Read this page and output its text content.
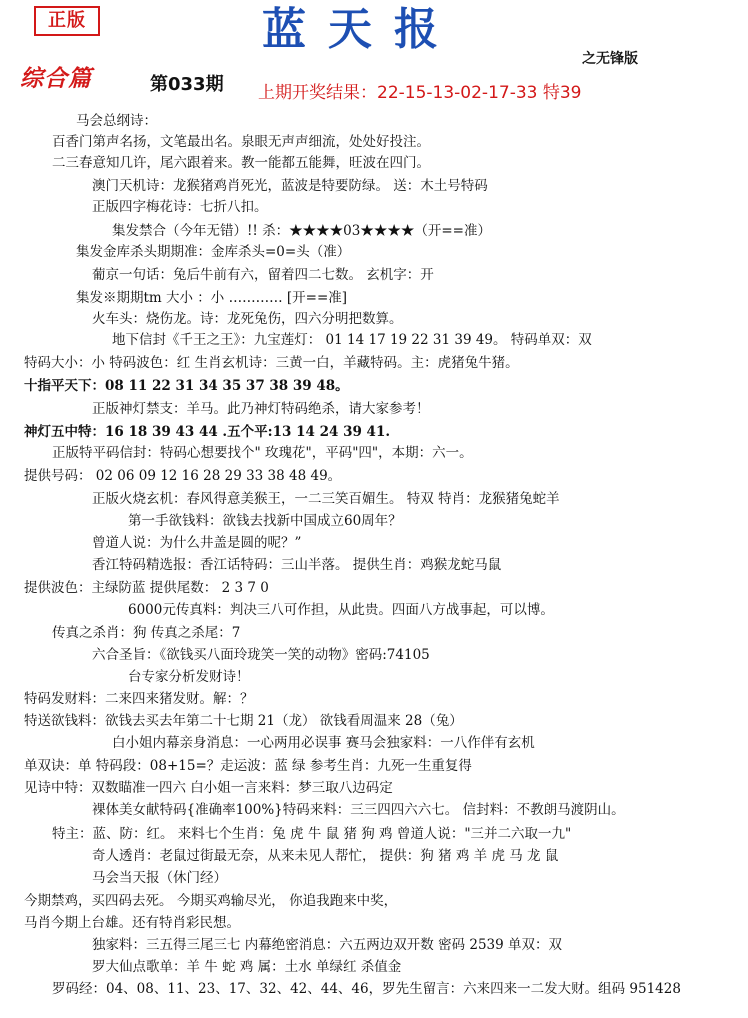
正版	蓝天报
之无锋版
综合篇	第033期 上期开奖结果：22-15-13-02-17-33 特39
马会总纲诗：
百香门第声名扬，文笔最出名。泉眼无声声细流，处处好投注。
二三春意知几许，尾六跟着来。教一能都五能舞，旺波在四门。
澳门天机诗：龙猴猪鸡肖死光，蓝波是特要防绿。 送：木土号特码
正版四字梅花诗：七折八扣。
集发禁合（今年无错）!! 杀：★★★★03★★★★（开==准）
集发金库杀头期期准：金库杀头=0=头（准）
葡京一句话：兔后牛前有六，留着四二七数。 玄机字：开
集发※期期tm 大小 ：小 ………… [开==准]
火车头：烧伤龙。诗：龙死兔伤，四六分明把数算。
地下信封《千王之王》：九宝莲灯： 01 14 17 19 22 31 39 49。 特码单双：双
特码大小：小 特码波色：红 生肖玄机诗：三黄一白，羊藏特码。主：虎猪兔牛猪。
十指平天下：08 11 22 31 34 35 37 38 39 48。
正版神灯禁支：羊马。此乃神灯特码绝杀，请大家参考！
神灯五中特：16 18 39 43 44 .五个平:13 14 24 39 41.
正版特平码信封：特码心想要找个" 玫瑰花"，平码"四"，本期：六一。
提供号码： 02 06 09 12 16 28 29 33 38 48 49。
正版火烧玄机：春风得意美猴王，一二三笑百媚生。 特双 特肖：龙猴猪兔蛇羊
第一手欲钱料：欲钱去找新中国成立60周年？
曾道人说：为什么井盖是圆的呢？”
香江特码精选报：香江话特码：三山半落。 提供生肖：鸡猴龙蛇马鼠
提供波色：主绿防蓝 提供尾数： 2 3 7 0
6000元传真料：判决三八可作担，从此贵。四面八方战事起，可以博。
传真之杀肖：狗 传真之杀尾：7
六合圣旨：《欲钱买八面玲珑笑一笑的动物》密码:74105
台专家分析发财诗！
特码发财料：二来四来猪发财。解：？
特送欲钱料：欲钱去买去年第二十七期 21（龙） 欲钱看周温来 28（兔）
白小姐内幕亲身消息：一心两用必误事 赛马会独家料：一八作伴有玄机
单双诀：单 特码段：08+15=？走运波：蓝 绿 参考生肖：九死一生重复得
见诗中特：双数瞄准一四六 白小姐一言来料：梦三取八边码定
裸体美女献特码{准确率100%}特码来料：三三四四六六七。 信封料：不教朗马渡阴山。
特主：蓝、防：红。 来料七个生肖：兔 虎 牛 鼠 猪 狗 鸡 曾道人说："三并二六取一九"
奇人透肖：老鼠过街最无奈，从来未见人帮忙， 提供：狗 猪 鸡 羊 虎 马 龙 鼠
马会当天报（休门经）
今期禁鸡，买四码去死。 今期买鸡输尽光， 你追我跑来中奖，
马肖今期上台雄。还有特肖彩民想。
独家料：三五得三尾三七 内幕绝密消息：六五两边双开数 密码 2539 单双：双
罗大仙点歌单：羊 牛 蛇 鸡 属：土水 单绿红 杀值金
罗码经：04、08、11、23、17、32、42、44、46，罗先生留言：六来四来一二发大财。组码 951428
